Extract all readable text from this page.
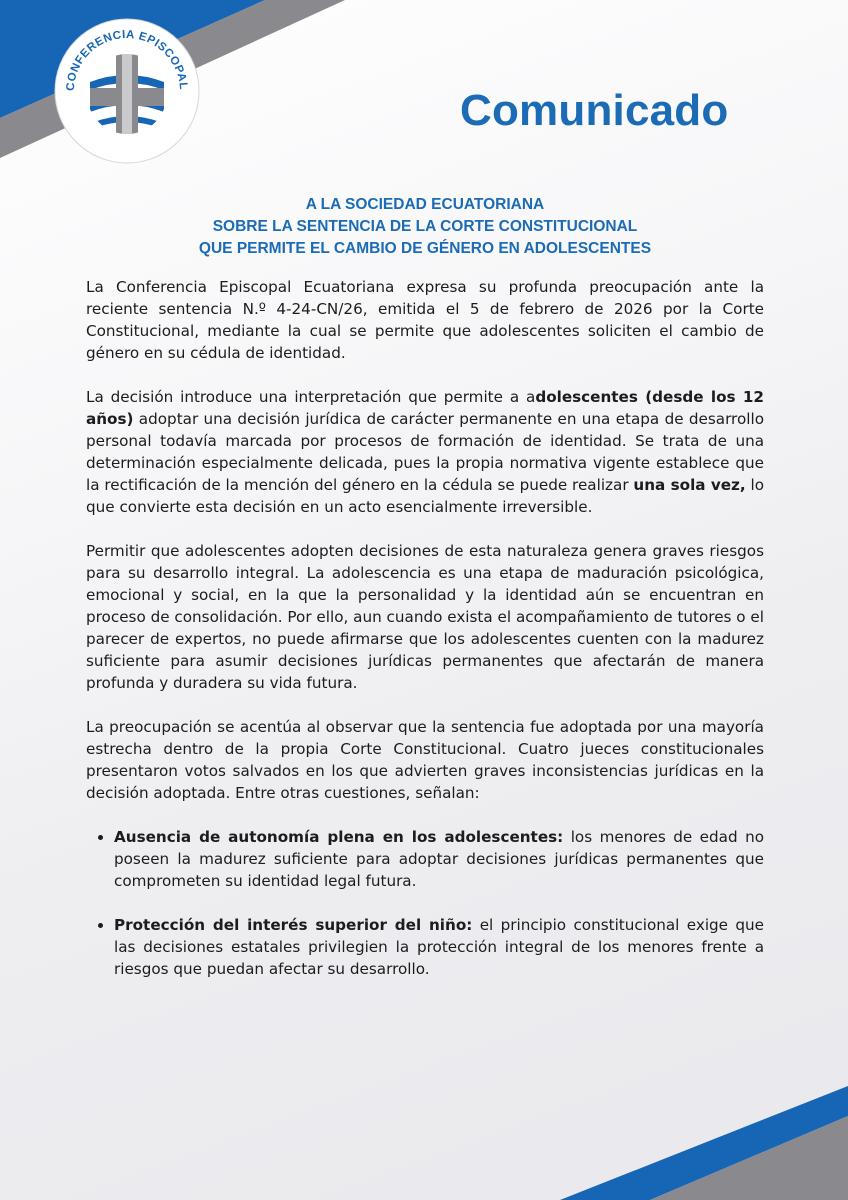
CONFERENCIA EPISCOPAL	Comunicado
A LA SOCIEDAD ECUATORIANA
SOBRE LA SENTENCIA DE LA CORTE CONSTITUCIONAL
QUE PERMITE EL CAMBIO DE GÉNERO EN ADOLESCENTES

La Conferencia Episcopal Ecuatoriana expresa su profunda preocupación ante la reciente sentencia N.º 4-24-CN/26, emitida el 5 de febrero de 2026 por la Corte Constitucional, mediante la cual se permite que adolescentes soliciten el cambio de género en su cédula de identidad.

La decisión introduce una interpretación que permite a adolescentes (desde los 12 años) adoptar una decisión jurídica de carácter permanente en una etapa de desarrollo personal todavía marcada por procesos de formación de identidad. Se trata de una determinación especialmente delicada, pues la propia normativa vigente establece que la rectificación de la mención del género en la cédula se puede realizar una sola vez, lo que convierte esta decisión en un acto esencialmente irreversible.

Permitir que adolescentes adopten decisiones de esta naturaleza genera graves riesgos para su desarrollo integral. La adolescencia es una etapa de maduración psicológica, emocional y social, en la que la personalidad y la identidad aún se encuentran en proceso de consolidación. Por ello, aun cuando exista el acompañamiento de tutores o el parecer de expertos, no puede afirmarse que los adolescentes cuenten con la madurez suficiente para asumir decisiones jurídicas permanentes que afectarán de manera profunda y duradera su vida futura.

La preocupación se acentúa al observar que la sentencia fue adoptada por una mayoría estrecha dentro de la propia Corte Constitucional. Cuatro jueces constitucionales presentaron votos salvados en los que advierten graves inconsistencias jurídicas en la decisión adoptada. Entre otras cuestiones, señalan:

• Ausencia de autonomía plena en los adolescentes: los menores de edad no poseen la madurez suficiente para adoptar decisiones jurídicas permanentes que comprometen su identidad legal futura.
• Protección del interés superior del niño: el principio constitucional exige que las decisiones estatales privilegien la protección integral de los menores frente a riesgos que puedan afectar su desarrollo.
